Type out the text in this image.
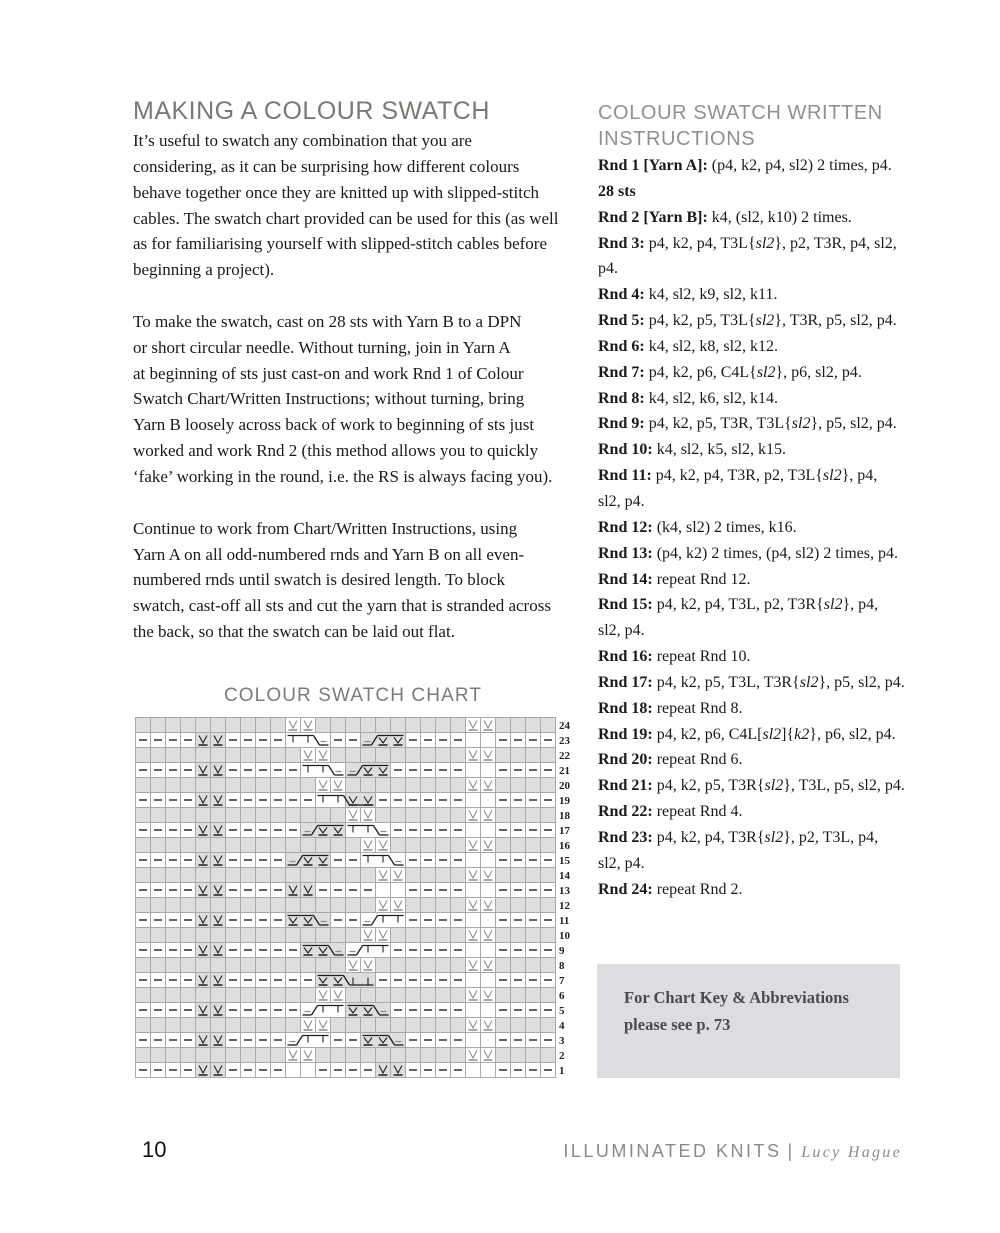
MAKING A COLOUR SWATCH
It’s useful to swatch any combination that you are
considering, as it can be surprising how different colours
behave together once they are knitted up with slipped-stitch
cables. The swatch chart provided can be used for this (as well
as for familiarising yourself with slipped-stitch cables before
beginning a project).
To make the swatch, cast on 28 sts with Yarn B to a DPN
or short circular needle. Without turning, join in Yarn A
at beginning of sts just cast-on and work Rnd 1 of Colour
Swatch Chart/Written Instructions; without turning, bring
Yarn B loosely across back of work to beginning of sts just
worked and work Rnd 2 (this method allows you to quickly
‘fake’ working in the round, i.e. the RS is always facing you).
Continue to work from Chart/Written Instructions, using
Yarn A on all odd-numbered rnds and Yarn B on all even-
numbered rnds until swatch is desired length. To block
swatch, cast-off all sts and cut the yarn that is stranded across
the back, so that the swatch can be laid out flat.
COLOUR SWATCH CHART
1
2
3
4
5
6
7
8
9
10
11
12
13
14
15
16
17
18
19
20
21
22
23
24
COLOUR SWATCH WRITTEN
INSTRUCTIONS
Rnd 1 [Yarn A]: (p4, k2, p4, sl2) 2 times, p4.
28 sts
Rnd 2 [Yarn B]: k4, (sl2, k10) 2 times.
Rnd 3: p4, k2, p4, T3L{sl2}, p2, T3R, p4, sl2,
p4.
Rnd 4: k4, sl2, k9, sl2, k11.
Rnd 5: p4, k2, p5, T3L{sl2}, T3R, p5, sl2, p4.
Rnd 6: k4, sl2, k8, sl2, k12.
Rnd 7: p4, k2, p6, C4L{sl2}, p6, sl2, p4.
Rnd 8: k4, sl2, k6, sl2, k14.
Rnd 9: p4, k2, p5, T3R, T3L{sl2}, p5, sl2, p4.
Rnd 10: k4, sl2, k5, sl2, k15.
Rnd 11: p4, k2, p4, T3R, p2, T3L{sl2}, p4,
sl2, p4.
Rnd 12: (k4, sl2) 2 times, k16.
Rnd 13: (p4, k2) 2 times, (p4, sl2) 2 times, p4.
Rnd 14: repeat Rnd 12.
Rnd 15: p4, k2, p4, T3L, p2, T3R{sl2}, p4,
sl2, p4.
Rnd 16: repeat Rnd 10.
Rnd 17: p4, k2, p5, T3L, T3R{sl2}, p5, sl2, p4.
Rnd 18: repeat Rnd 8.
Rnd 19: p4, k2, p6, C4L[sl2]{k2}, p6, sl2, p4.
Rnd 20: repeat Rnd 6.
Rnd 21: p4, k2, p5, T3R{sl2}, T3L, p5, sl2, p4.
Rnd 22: repeat Rnd 4.
Rnd 23: p4, k2, p4, T3R{sl2}, p2, T3L, p4,
sl2, p4.
Rnd 24: repeat Rnd 2.
For Chart Key & Abbreviations
please see p. 73
10	ILLUMINATED KNITS | Lucy Hague
